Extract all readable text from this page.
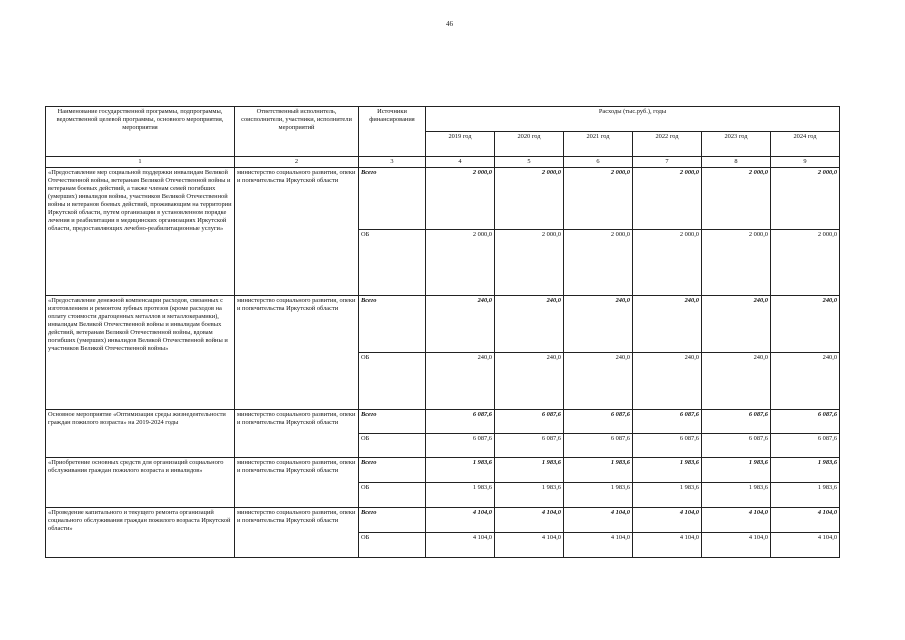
46
Наименование государственной программы, подпрограммы, ведомственной целевой программы, основного мероприятия, мероприятия	Ответственный исполнитель, соисполнители, участники, исполнители мероприятий	Источники финансирования	Расходы (тыс.руб.), годы					
			2019 год	2020 год	2021 год	2022 год	2023 год	2024 год
1	2	3	4	5	6	7	8	9
«Предоставление мер социальной поддержки инвалидам Великой Отечественной войны, ветеранам Великой Отечественной войны и ветеранам боевых действий, а также членам семей погибших (умерших) инвалидов войны, участников Великой Отечественной войны и ветеранов боевых действий, проживающим на территории Иркутской области, путем организации в установленном порядке лечения и реабилитации в медицинских организациях Иркутской области, предоставляющих лечебно-реабилитационные услуги»	министерство социального развития, опеки и попечительства Иркутской области	Всего	2 000,0	2 000,0	2 000,0	2 000,0	2 000,0	2 000,0
		ОБ	2 000,0	2 000,0	2 000,0	2 000,0	2 000,0	2 000,0
«Предоставление денежной компенсации расходов, связанных с изготовлением и ремонтом зубных протезов (кроме расходов на оплату стоимости драгоценных металлов и металлокерамики), инвалидам Великой Отечественной войны и инвалидам боевых действий, ветеранам Великой Отечественной войны, вдовам погибших (умерших) инвалидов Великой Отечественной войны и участников Великой Отечественной войны»	министерство социального развития, опеки и попечительства Иркутской области	Всего	240,0	240,0	240,0	240,0	240,0	240,0
		ОБ	240,0	240,0	240,0	240,0	240,0	240,0
Основное мероприятие «Оптимизация среды жизнедеятельности граждан пожилого возраста» на 2019-2024 годы	министерство социального развития, опеки и попечительства Иркутской области	Всего	6 087,6	6 087,6	6 087,6	6 087,6	6 087,6	6 087,6
		ОБ	6 087,6	6 087,6	6 087,6	6 087,6	6 087,6	6 087,6
«Приобретение основных средств для организаций социального обслуживания граждан пожилого возраста и инвалидов»	министерство социального развития, опеки и попечительства Иркутской области	Всего	1 983,6	1 983,6	1 983,6	1 983,6	1 983,6	1 983,6
		ОБ	1 983,6	1 983,6	1 983,6	1 983,6	1 983,6	1 983,6
«Проведение капитального и текущего ремонта организаций социального обслуживания граждан пожилого возраста Иркутской области»	министерство социального развития, опеки и попечительства Иркутской области	Всего	4 104,0	4 104,0	4 104,0	4 104,0	4 104,0	4 104,0
		ОБ	4 104,0	4 104,0	4 104,0	4 104,0	4 104,0	4 104,0
